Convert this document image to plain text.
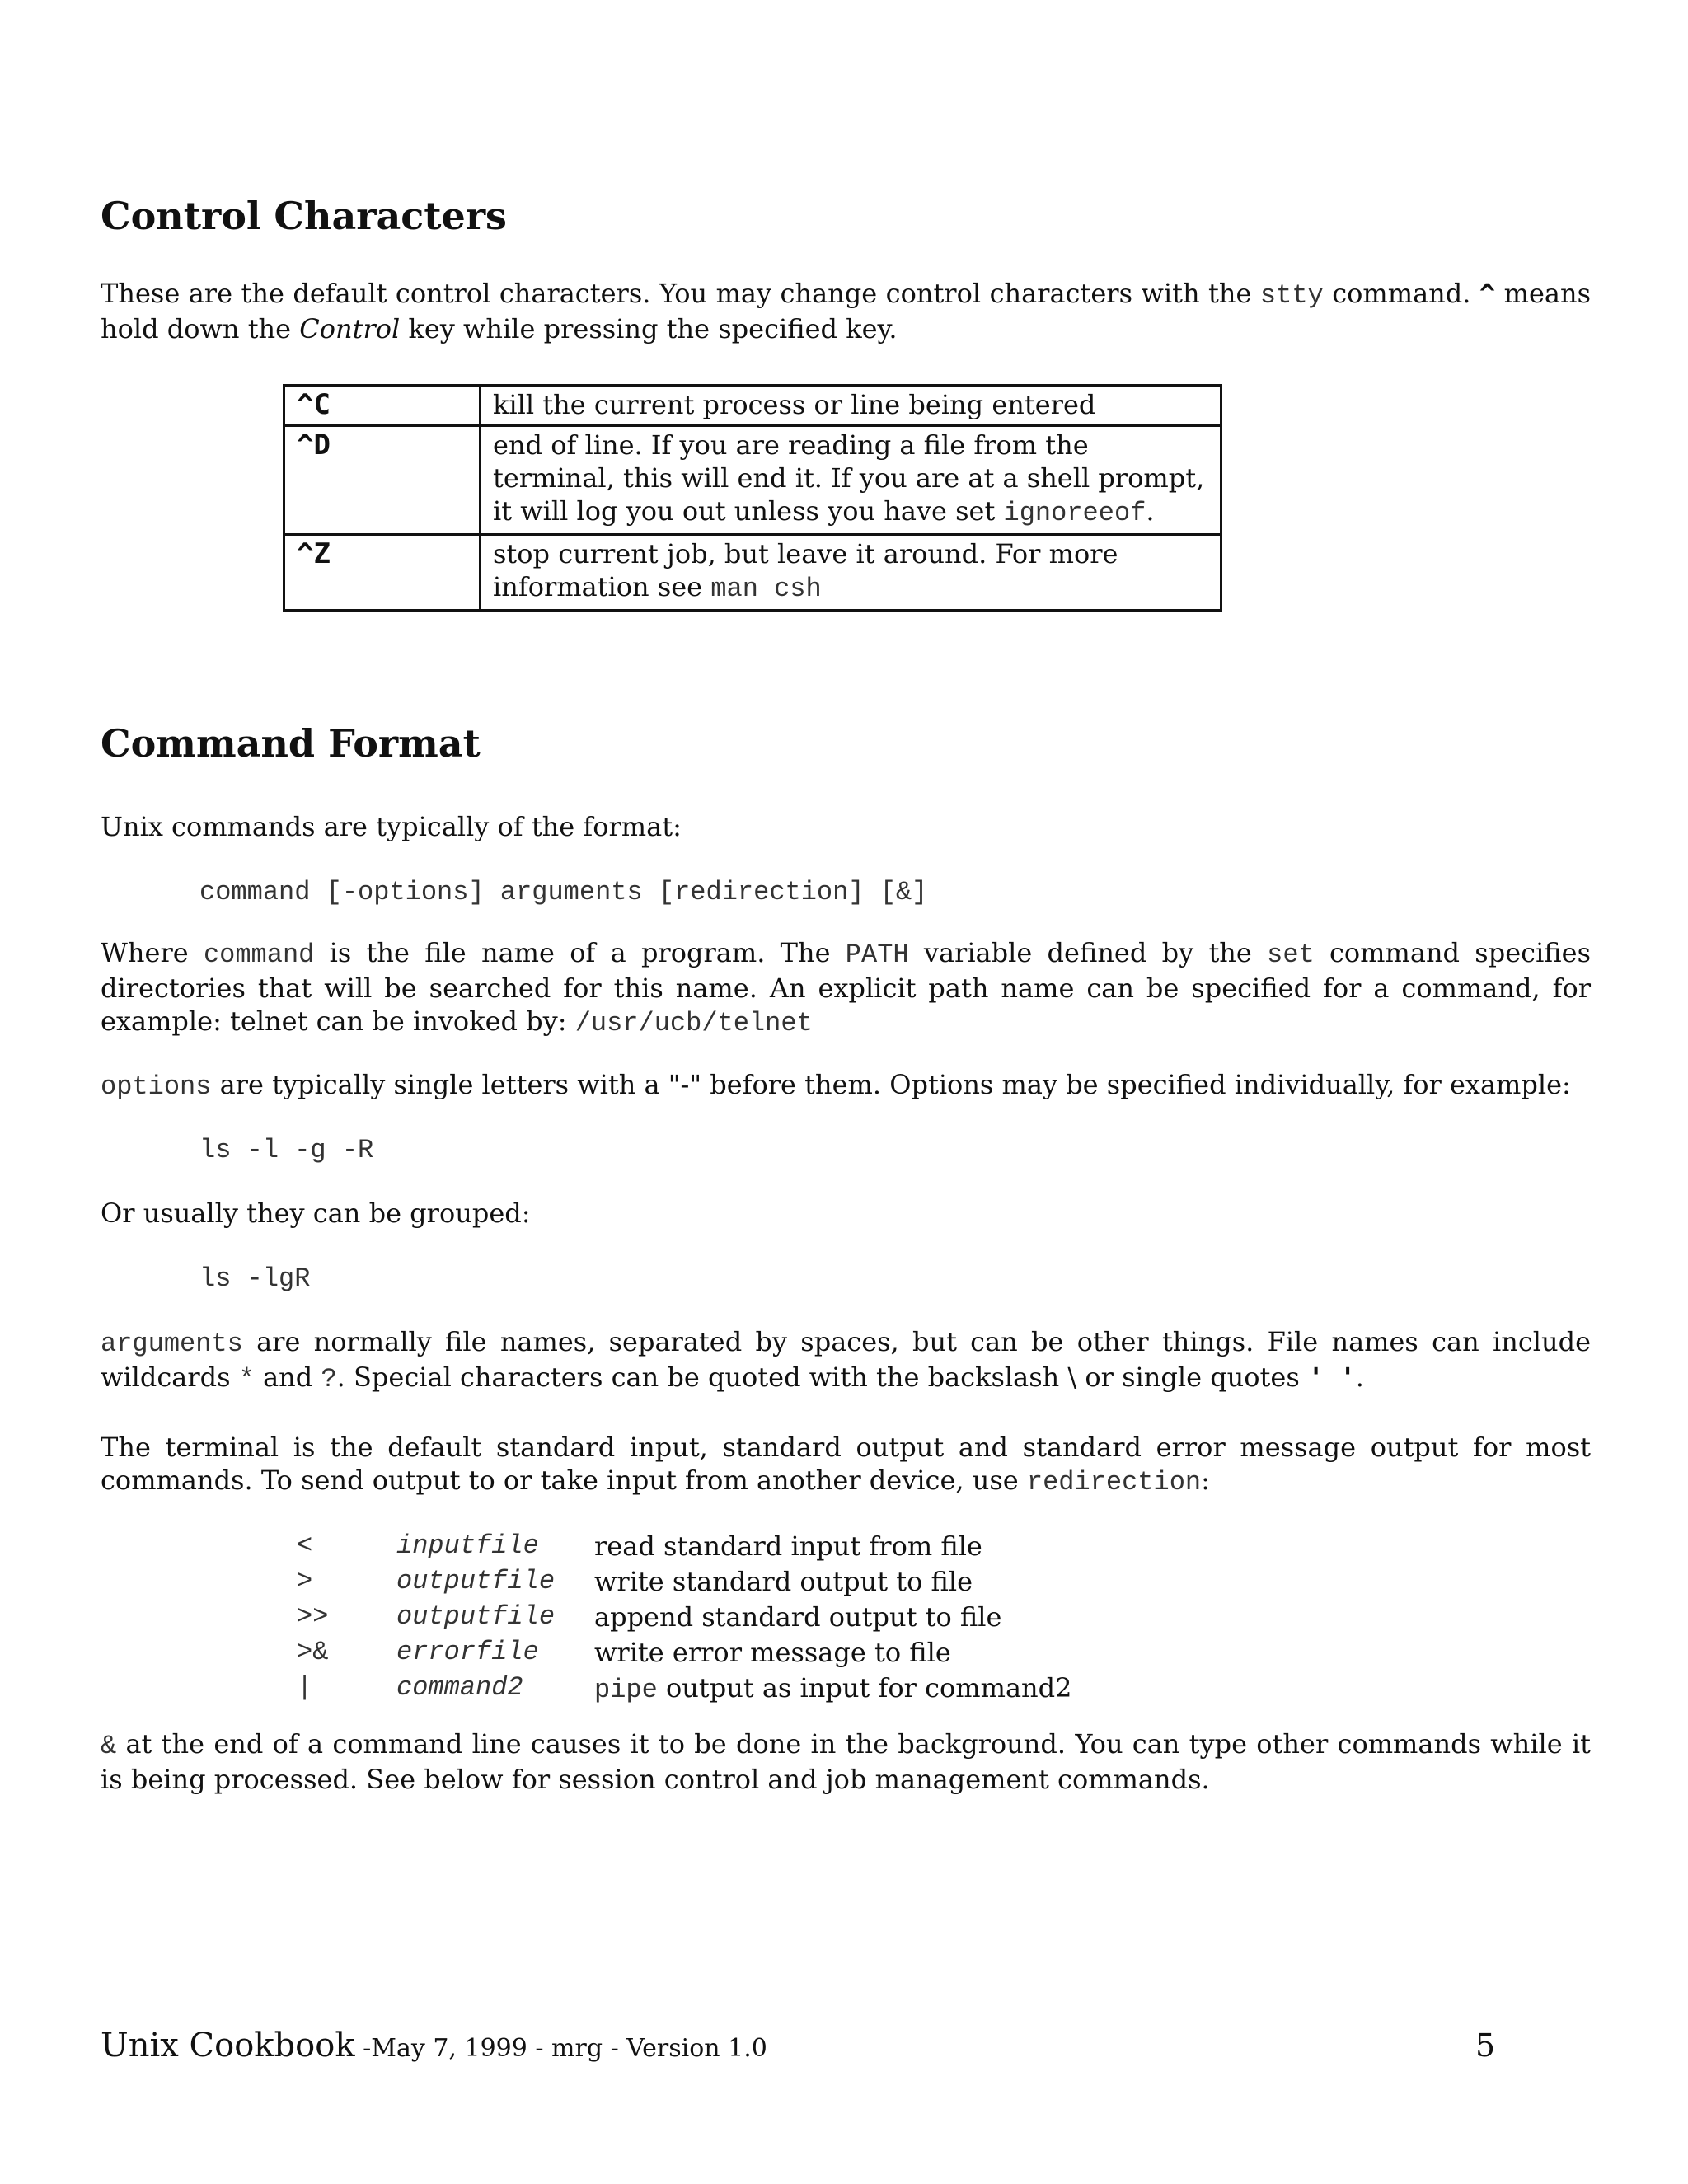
Control Characters

These are the default control characters. You may change control characters with the stty command. ^ means hold down the Control key while pressing the specified key.

^C	kill the current process or line being entered
^D	end of line. If you are reading a file from the terminal, this will end it. If you are at a shell prompt, it will log you out unless you have set ignoreeof.
^Z	stop current job, but leave it around. For more information see man csh
Command Format

Unix commands are typically of the format:

command [-options] arguments [redirection] [&]

Where command is the file name of a program. The PATH variable defined by the set command specifies directories that will be searched for this name. An explicit path name can be specified for a command, for example: telnet can be invoked by: /usr/ucb/telnet

options are typically single letters with a "-" before them. Options may be specified individually, for example:

ls -l -g -R

Or usually they can be grouped:

ls -lgR

arguments are normally file names, separated by spaces, but can be other things. File names can include wildcards * and ?. Special characters can be quoted with the backslash \ or single quotes ' '.

The terminal is the default standard input, standard output and standard error message output for most commands. To send output to or take input from another device, use redirection:

<	inputfile	read standard input from file
>	outputfile	write standard output to file
>>	outputfile	append standard output to file
>&	errorfile	write error message to file
|	command2	pipe output as input for command2

& at the end of a command line causes it to be done in the background. You can type other commands while it is being processed. See below for session control and job management commands.

Unix Cookbook -May 7, 1999 - mrg - Version 1.0	5
